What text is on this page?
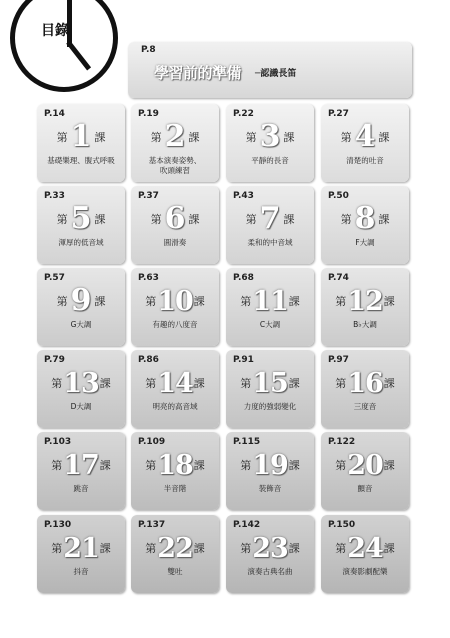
目錄
P.8
學習前的準備 ─認識長笛
P.14
第 1 課
基礎樂理、腹式呼吸
P.19
第 2 課
基本演奏姿勢、
吹頭練習
P.22
第 3 課
平靜的長音
P.27
第 4 課
清楚的吐音
P.33
第 5 課
渾厚的低音域
P.37
第 6 課
圓滑奏
P.43
第 7 課
柔和的中音域
P.50
第 8 課
F大調
P.57
第 9 課
G大調
P.63
第 10 課
有趣的八度音
P.68
第 11 課
C大調
P.74
第 12 課
B♭大調
P.79
第 13 課
D大調
P.86
第 14 課
明亮的高音域
P.91
第 15 課
力度的強弱變化
P.97
第 16 課
三度音
P.103
第 17 課
跳音
P.109
第 18 課
半音階
P.115
第 19 課
裝飾音
P.122
第 20 課
顫音
P.130
第 21 課
抖音
P.137
第 22 課
雙吐
P.142
第 23 課
演奏古典名曲
P.150
第 24 課
演奏影劇配樂
